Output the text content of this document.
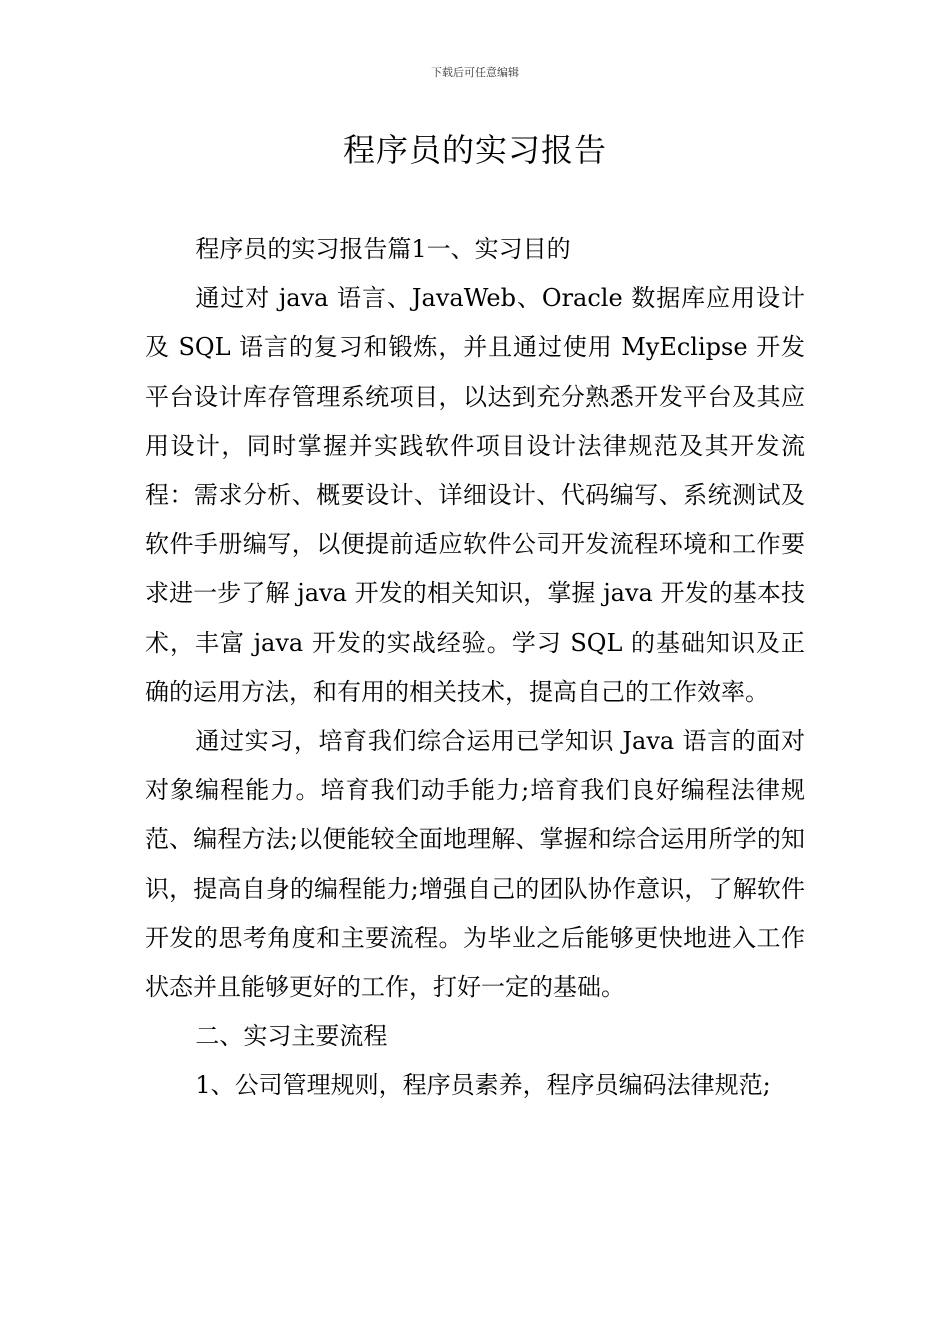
下载后可任意编辑
程序员的实习报告

程序员的实习报告篇1一、实习目的

通过对 java 语言、JavaWeb、Oracle 数据库应用设计及 SQL 语言的复习和锻炼，并且通过使用 MyEclipse 开发平台设计库存管理系统项目，以达到充分熟悉开发平台及其应用设计，同时掌握并实践软件项目设计法律规范及其开发流程：需求分析、概要设计、详细设计、代码编写、系统测试及软件手册编写，以便提前适应软件公司开发流程环境和工作要求进一步了解 java 开发的相关知识，掌握 java 开发的基本技术，丰富 java 开发的实战经验。学习 SQL 的基础知识及正确的运用方法，和有用的相关技术，提高自己的工作效率。

通过实习，培育我们综合运用已学知识 Java 语言的面对对象编程能力。培育我们动手能力;培育我们良好编程法律规范、编程方法;以便能较全面地理解、掌握和综合运用所学的知识，提高自身的编程能力;增强自己的团队协作意识，了解软件开发的思考角度和主要流程。为毕业之后能够更快地进入工作状态并且能够更好的工作，打好一定的基础。

二、实习主要流程

1、公司管理规则，程序员素养，程序员编码法律规范;
